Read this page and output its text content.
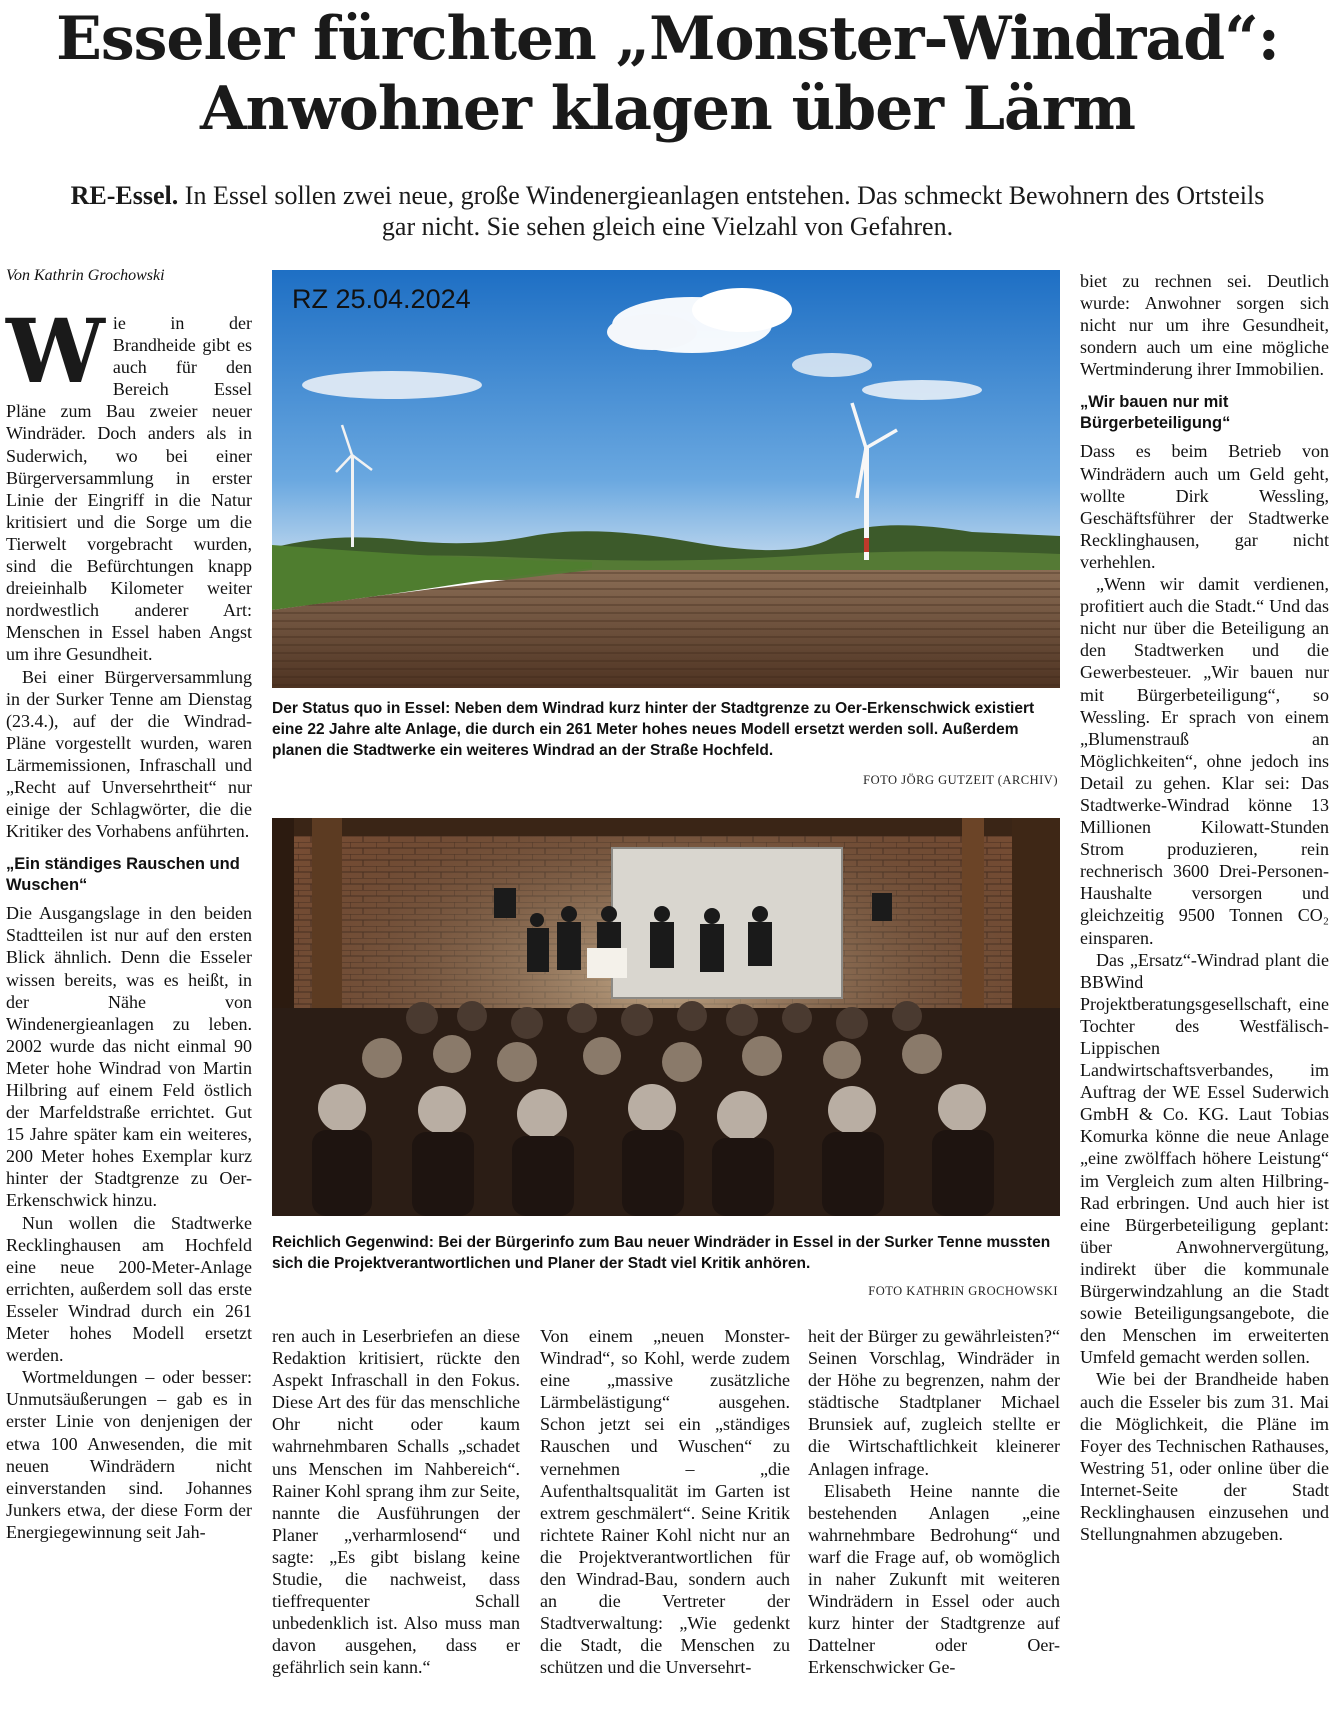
Esseler fürchten „Monster-Windrad“:
Anwohner klagen über Lärm
RE-Essel. In Essel sollen zwei neue, große Windenergieanlagen entstehen. Das schmeckt Bewohnern des Ortsteils gar nicht. Sie sehen gleich eine Vielzahl von Gefahren.
Von Kathrin Grochowski

Wie in der Brandheide gibt es auch für den Bereich Essel Pläne zum Bau zweier neuer Windräder. Doch anders als in Suderwich, wo bei einer Bürgerversammlung in erster Linie der Eingriff in die Natur kritisiert und die Sorge um die Tierwelt vorgebracht wurden, sind die Befürchtungen knapp dreieinhalb Kilometer weiter nordwestlich anderer Art: Menschen in Essel haben Angst um ihre Gesundheit.

Bei einer Bürgerversammlung in der Surker Tenne am Dienstag (23.4.), auf der die Windrad-Pläne vorgestellt wurden, waren Lärmemissionen, Infraschall und „Recht auf Unversehrtheit“ nur einige der Schlagwörter, die die Kritiker des Vorhabens anführten.

„Ein ständiges Rauschen und Wuschen“

Die Ausgangslage in den beiden Stadtteilen ist nur auf den ersten Blick ähnlich. Denn die Esseler wissen bereits, was es heißt, in der Nähe von Windenergieanlagen zu leben. 2002 wurde das nicht einmal 90 Meter hohe Windrad von Martin Hilbring auf einem Feld östlich der Marfeldstraße errichtet. Gut 15 Jahre später kam ein weiteres, 200 Meter hohes Exemplar kurz hinter der Stadtgrenze zu Oer-Erkenschwick hinzu.

Nun wollen die Stadtwerke Recklinghausen am Hochfeld eine neue 200-Meter-Anlage errichten, außerdem soll das erste Esseler Windrad durch ein 261 Meter hohes Modell ersetzt werden.

Wortmeldungen – oder besser: Unmutsäußerungen – gab es in erster Linie von denjenigen der etwa 100 Anwesenden, die mit neuen Windrädern nicht einverstanden sind. Johannes Junkers etwa, der diese Form der Energiegewinnung seit Jah-

RZ 25.04.2024
Der Status quo in Essel: Neben dem Windrad kurz hinter der Stadtgrenze zu Oer-Erkenschwick existiert eine 22 Jahre alte Anlage, die durch ein 261 Meter hohes neues Modell ersetzt werden soll. Außerdem planen die Stadtwerke ein weiteres Windrad an der Straße Hochfeld.
FOTO JÖRG GUTZEIT (ARCHIV)
Reichlich Gegenwind: Bei der Bürgerinfo zum Bau neuer Windräder in Essel in der Surker Tenne mussten sich die Projektverantwortlichen und Planer der Stadt viel Kritik anhören.
FOTO KATHRIN GROCHOWSKI

ren auch in Leserbriefen an diese Redaktion kritisiert, rückte den Aspekt Infraschall in den Fokus. Diese Art des für das menschliche Ohr nicht oder kaum wahrnehmbaren Schalls „schadet uns Menschen im Nahbereich“. Rainer Kohl sprang ihm zur Seite, nannte die Ausführungen der Planer „verharmlosend“ und sagte: „Es gibt bislang keine Studie, die nachweist, dass tieffrequenter Schall unbedenklich ist. Also muss man davon ausgehen, dass er gefährlich sein kann.“

Von einem „neuen Monster-Windrad“, so Kohl, werde zudem eine „massive zusätzliche Lärmbelästigung“ ausgehen. Schon jetzt sei ein „ständiges Rauschen und Wuschen“ zu vernehmen – „die Aufenthaltsqualität im Garten ist extrem geschmälert“. Seine Kritik richtete Rainer Kohl nicht nur an die Projektverantwortlichen für den Windrad-Bau, sondern auch an die Vertreter der Stadtverwaltung: „Wie gedenkt die Stadt, die Menschen zu schützen und die Unversehrt-

heit der Bürger zu gewährleisten?“ Seinen Vorschlag, Windräder in der Höhe zu begrenzen, nahm der städtische Stadtplaner Michael Brunsiek auf, zugleich stellte er die Wirtschaftlichkeit kleinerer Anlagen infrage.

Elisabeth Heine nannte die bestehenden Anlagen „eine wahrnehmbare Bedrohung“ und warf die Frage auf, ob womöglich in naher Zukunft mit weiteren Windrädern in Essel oder auch kurz hinter der Stadtgrenze auf Dattelner oder Oer-Erkenschwicker Ge-

biet zu rechnen sei. Deutlich wurde: Anwohner sorgen sich nicht nur um ihre Gesundheit, sondern auch um eine mögliche Wertminderung ihrer Immobilien.

„Wir bauen nur mit Bürgerbeteiligung“

Dass es beim Betrieb von Windrädern auch um Geld geht, wollte Dirk Wessling, Geschäftsführer der Stadtwerke Recklinghausen, gar nicht verhehlen.

„Wenn wir damit verdienen, profitiert auch die Stadt.“ Und das nicht nur über die Beteiligung an den Stadtwerken und die Gewerbesteuer. „Wir bauen nur mit Bürgerbeteiligung“, so Wessling. Er sprach von einem „Blumenstrauß an Möglichkeiten“, ohne jedoch ins Detail zu gehen. Klar sei: Das Stadtwerke-Windrad könne 13 Millionen Kilowatt-Stunden Strom produzieren, rein rechnerisch 3600 Drei-Personen-Haushalte versorgen und gleichzeitig 9500 Tonnen CO₂ einsparen.

Das „Ersatz“-Windrad plant die BBWind Projektberatungsgesellschaft, eine Tochter des Westfälisch-Lippischen Landwirtschaftsverbandes, im Auftrag der WE Essel Suderwich GmbH & Co. KG. Laut Tobias Komurka könne die neue Anlage „eine zwölffach höhere Leistung“ im Vergleich zum alten Hilbring-Rad erbringen. Und auch hier ist eine Bürgerbeteiligung geplant: über Anwohnervergütung, indirekt über die kommunale Bürgerwindzahlung an die Stadt sowie Beteiligungsangebote, die den Menschen im erweiterten Umfeld gemacht werden sollen.

Wie bei der Brandheide haben auch die Esseler bis zum 31. Mai die Möglichkeit, die Pläne im Foyer des Technischen Rathauses, Westring 51, oder online über die Internet-Seite der Stadt Recklinghausen einzusehen und Stellungnahmen abzugeben.
